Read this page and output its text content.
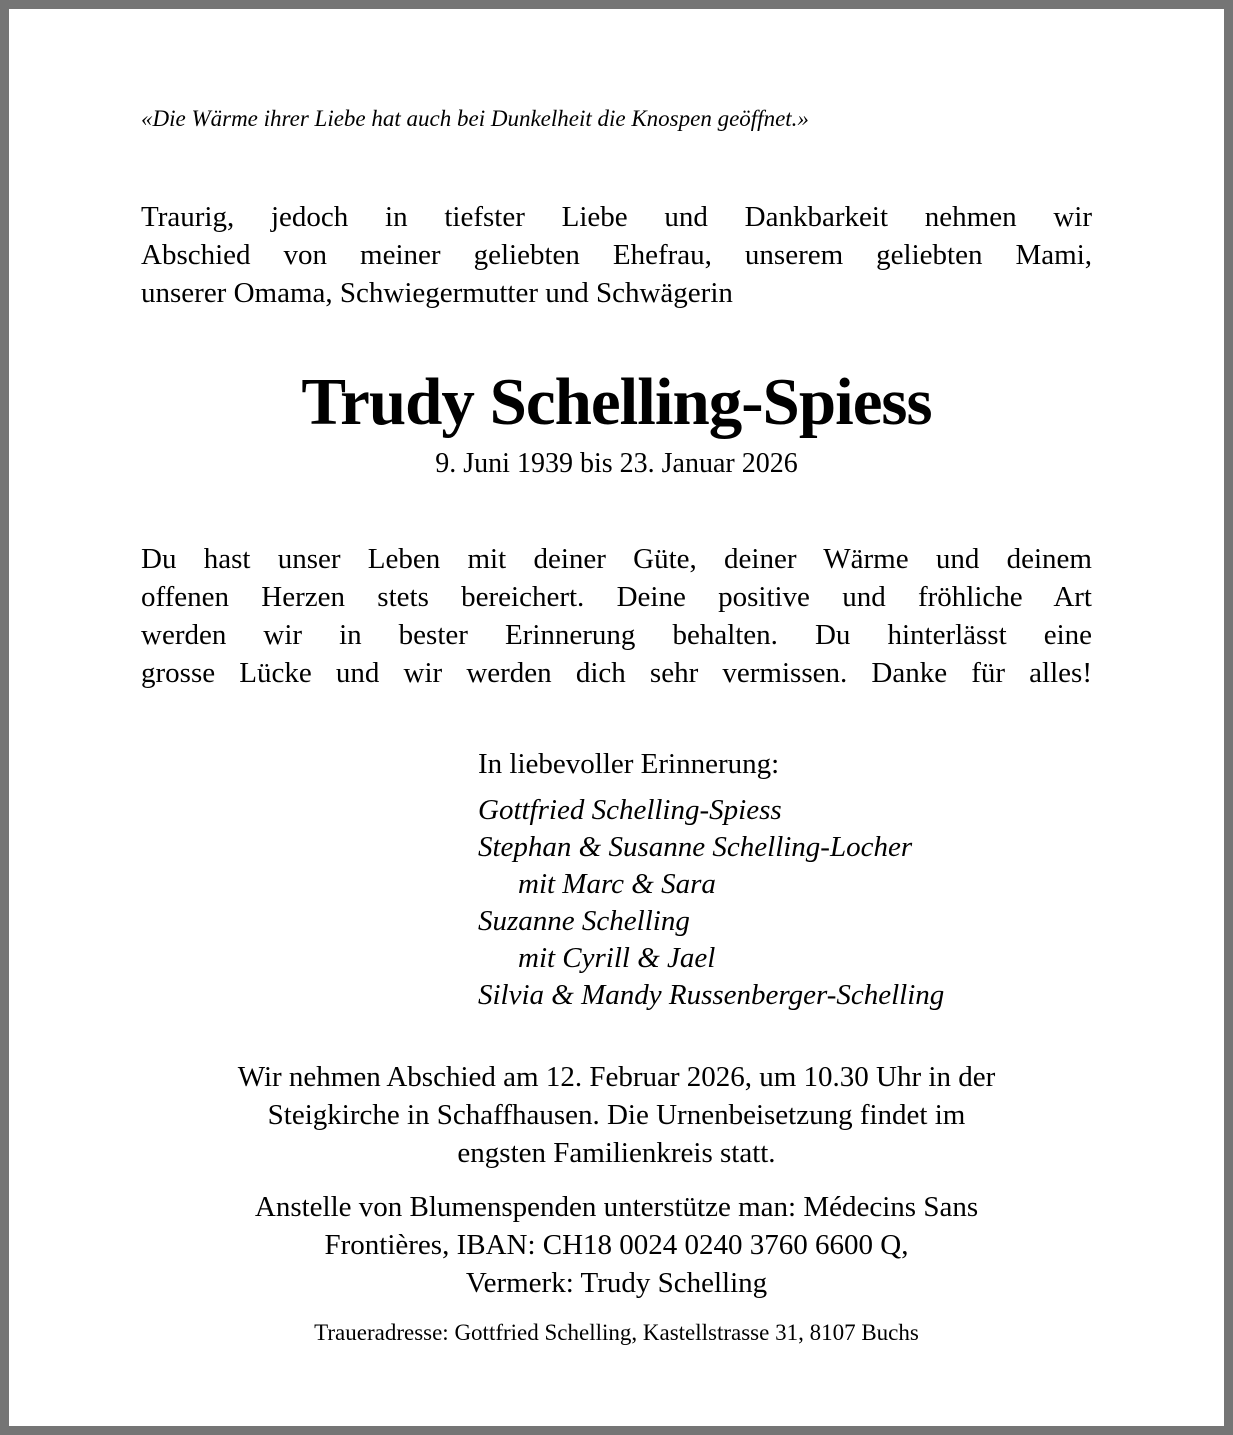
«Die Wärme ihrer Liebe hat auch bei Dunkelheit die Knospen geöffnet.»
Traurig, jedoch in tiefster Liebe und Dankbarkeit nehmen wir
Abschied von meiner geliebten Ehefrau, unserem geliebten Mami,
unserer Omama, Schwiegermutter und Schwägerin
Trudy Schelling-Spiess
9. Juni 1939 bis 23. Januar 2026
Du hast unser Leben mit deiner Güte, deiner Wärme und deinem
offenen Herzen stets bereichert. Deine positive und fröhliche Art
werden wir in bester Erinnerung behalten. Du hinterlässt eine
grosse Lücke und wir werden dich sehr vermissen. Danke für alles!
In liebevoller Erinnerung:
Gottfried Schelling-Spiess
Stephan & Susanne Schelling-Locher
mit Marc & Sara
Suzanne Schelling
mit Cyrill & Jael
Silvia & Mandy Russenberger-Schelling
Wir nehmen Abschied am 12. Februar 2026, um 10.30 Uhr in der
Steigkirche in Schaffhausen. Die Urnenbeisetzung findet im
engsten Familienkreis statt.
Anstelle von Blumenspenden unterstütze man: Médecins Sans
Frontières, IBAN: CH18 0024 0240 3760 6600 Q,
Vermerk: Trudy Schelling
Traueradresse: Gottfried Schelling, Kastellstrasse 31, 8107 Buchs
